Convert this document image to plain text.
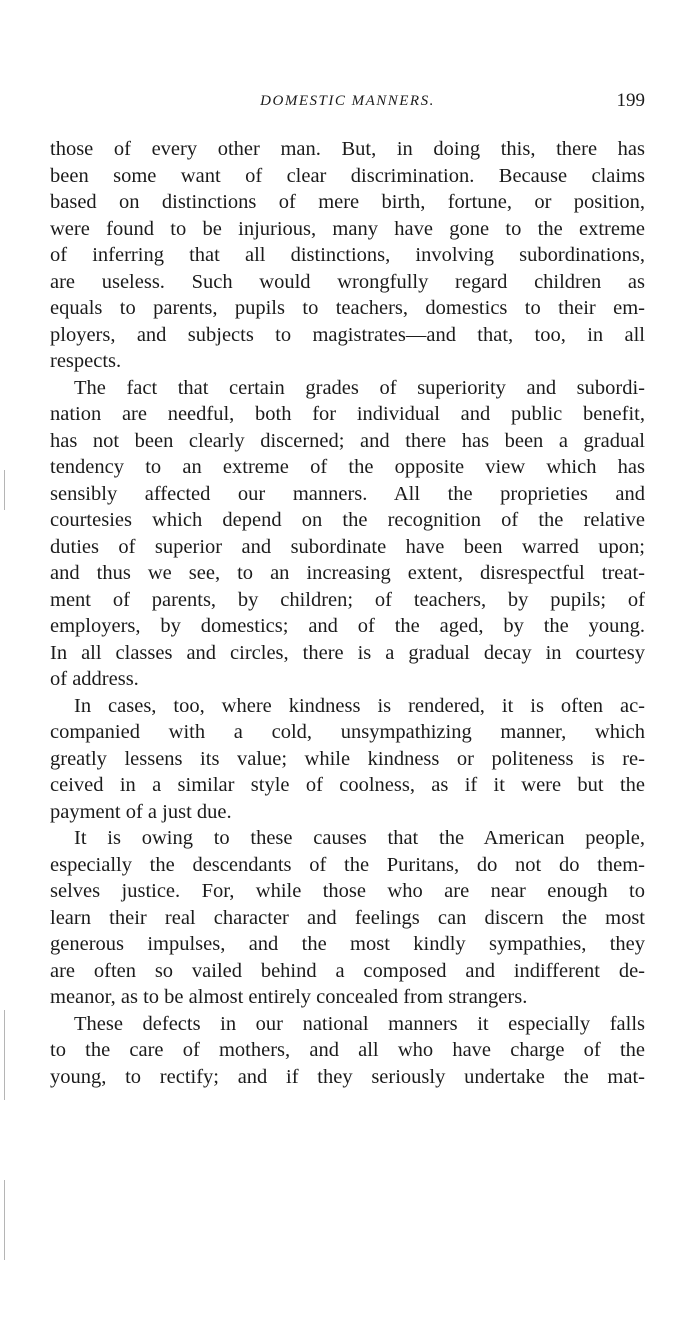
DOMESTIC MANNERS.	199
those of every other man. But, in doing this, there has
been some want of clear discrimination. Because claims
based on distinctions of mere birth, fortune, or position,
were found to be injurious, many have gone to the extreme
of inferring that all distinctions, involving subordinations,
are useless. Such would wrongfully regard children as
equals to parents, pupils to teachers, domestics to their em-
ployers, and subjects to magistrates—and that, too, in all
respects.
The fact that certain grades of superiority and subordi-
nation are needful, both for individual and public benefit,
has not been clearly discerned; and there has been a gradual
tendency to an extreme of the opposite view which has
sensibly affected our manners. All the proprieties and
courtesies which depend on the recognition of the relative
duties of superior and subordinate have been warred upon;
and thus we see, to an increasing extent, disrespectful treat-
ment of parents, by children; of teachers, by pupils; of
employers, by domestics; and of the aged, by the young.
In all classes and circles, there is a gradual decay in courtesy
of address.
In cases, too, where kindness is rendered, it is often ac-
companied with a cold, unsympathizing manner, which
greatly lessens its value; while kindness or politeness is re-
ceived in a similar style of coolness, as if it were but the
payment of a just due.
It is owing to these causes that the American people,
especially the descendants of the Puritans, do not do them-
selves justice. For, while those who are near enough to
learn their real character and feelings can discern the most
generous impulses, and the most kindly sympathies, they
are often so vailed behind a composed and indifferent de-
meanor, as to be almost entirely concealed from strangers.
These defects in our national manners it especially falls
to the care of mothers, and all who have charge of the
young, to rectify; and if they seriously undertake the mat-
